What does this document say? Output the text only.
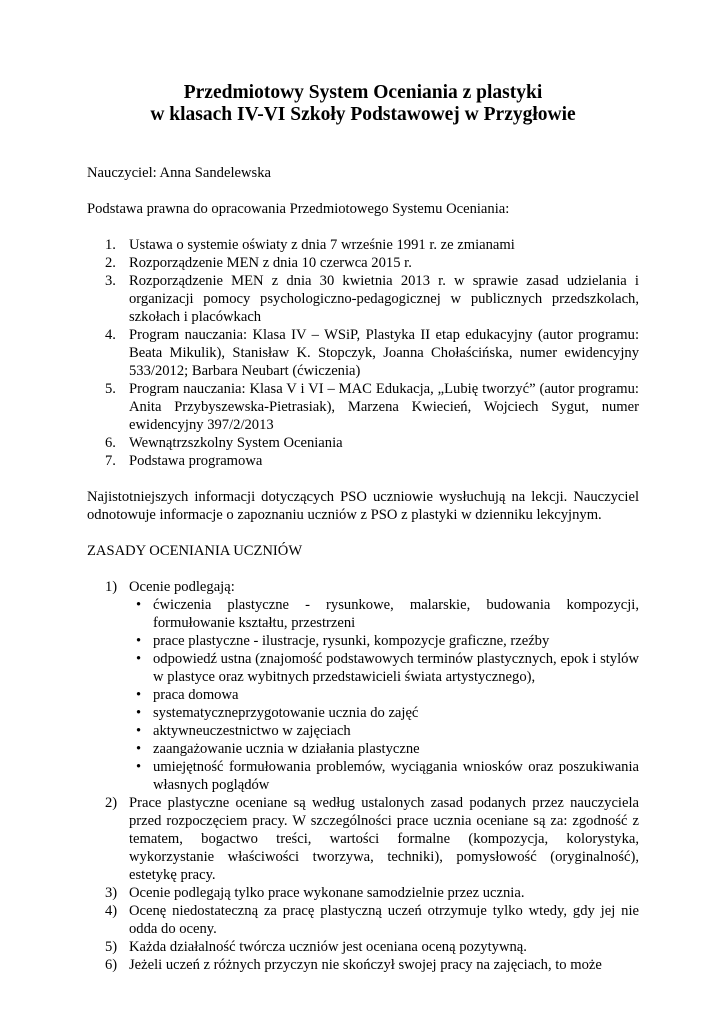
Przedmiotowy System Oceniania z plastyki
w klasach IV-VI Szkoły Podstawowej w Przygłowie

Nauczyciel: Anna Sandelewska

Podstawa prawna do opracowania Przedmiotowego Systemu Oceniania:

1. Ustawa o systemie oświaty z dnia 7 wrześnie 1991 r. ze zmianami
2. Rozporządzenie MEN z dnia 10 czerwca 2015 r.
3. Rozporządzenie MEN z dnia 30 kwietnia 2013 r. w sprawie zasad udzielania i organizacji pomocy psychologiczno-pedagogicznej w publicznych przedszkolach, szkołach i placówkach
4. Program nauczania: Klasa IV – WSiP, Plastyka II etap edukacyjny (autor programu: Beata Mikulik), Stanisław K. Stopczyk, Joanna Chołaścińska, numer ewidencyjny 533/2012; Barbara Neubart (ćwiczenia)
5. Program nauczania: Klasa V i VI – MAC Edukacja, „Lubię tworzyć” (autor programu: Anita Przybyszewska-Pietrasiak), Marzena Kwiecień, Wojciech Sygut, numer ewidencyjny 397/2/2013
6. Wewnątrzszkolny System Oceniania
7. Podstawa programowa

Najistotniejszych informacji dotyczących PSO uczniowie wysłuchują na lekcji. Nauczyciel odnotowuje informacje o zapoznaniu uczniów z PSO z plastyki w dzienniku lekcyjnym.

ZASADY OCENIANIA UCZNIÓW

1) Ocenie podlegają:
• ćwiczenia plastyczne - rysunkowe, malarskie, budowania kompozycji, formułowanie kształtu, przestrzeni
• prace plastyczne - ilustracje, rysunki, kompozycje graficzne, rzeźby
• odpowiedź ustna (znajomość podstawowych terminów plastycznych, epok i stylów w plastyce oraz wybitnych przedstawicieli świata artystycznego),
• praca domowa
• systematyczneprzygotowanie ucznia do zajęć
• aktywneuczestnictwo w zajęciach
• zaangażowanie ucznia w działania plastyczne
• umiejętność formułowania problemów, wyciągania wniosków oraz poszukiwania własnych poglądów
2) Prace plastyczne oceniane są według ustalonych zasad podanych przez nauczyciela przed rozpoczęciem pracy. W szczególności prace ucznia oceniane są za: zgodność z tematem, bogactwo treści, wartości formalne (kompozycja, kolorystyka, wykorzystanie właściwości tworzywa, techniki), pomysłowość (oryginalność), estetykę pracy.
3) Ocenie podlegają tylko prace wykonane samodzielnie przez ucznia.
4) Ocenę niedostateczną za pracę plastyczną uczeń otrzymuje tylko wtedy, gdy jej nie odda do oceny.
5) Każda działalność twórcza uczniów jest oceniana oceną pozytywną.
6) Jeżeli uczeń z różnych przyczyn nie skończył swojej pracy na zajęciach, to może
